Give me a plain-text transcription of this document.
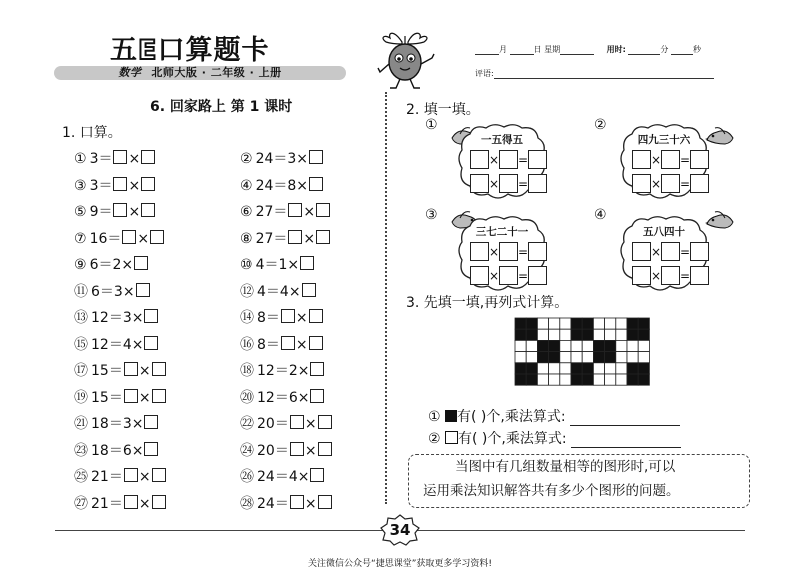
五E口算题卡
数学 北师大版 · 二年级 · 上册
月	日 星期	用时:	分	秒
评语:
6. 回家路上 第 1 课时
1. 口算。
① 3＝ ×
③ 3＝ ×
⑤ 9＝ ×
⑦ 16＝ ×
⑨ 6＝2×
⑪ 6＝3×
⑬ 12＝3×
⑮ 12＝4×
⑰ 15＝ ×
⑲ 15＝ ×
㉑ 18＝3×
㉓ 18＝6×
㉕ 21＝ ×
㉗ 21＝ ×
② 24＝3×
④ 24＝8×
⑥ 27＝ ×
⑧ 27＝ ×
⑩ 4＝1×
⑫ 4＝4×
⑭ 8＝ ×
⑯ 8＝ ×
⑱ 12＝2×
⑳ 12＝6×
㉒ 20＝ ×
㉔ 20＝ ×
㉖ 24＝4×
㉘ 24＝ ×
2. 填一填。
①
一五得五
× =
× =
②
四九三十六
× =
× =
③
三七二十一
× =
× =
④
五八四十
× =
× =
3. 先填一填,再列式计算。
① 有( )个,乘法算式:
② 有( )个,乘法算式:
当图中有几组数量相等的图形时,可以
运用乘法知识解答共有多少个图形的问题。
34
关注微信公众号“捷思课堂”获取更多学习资料!
